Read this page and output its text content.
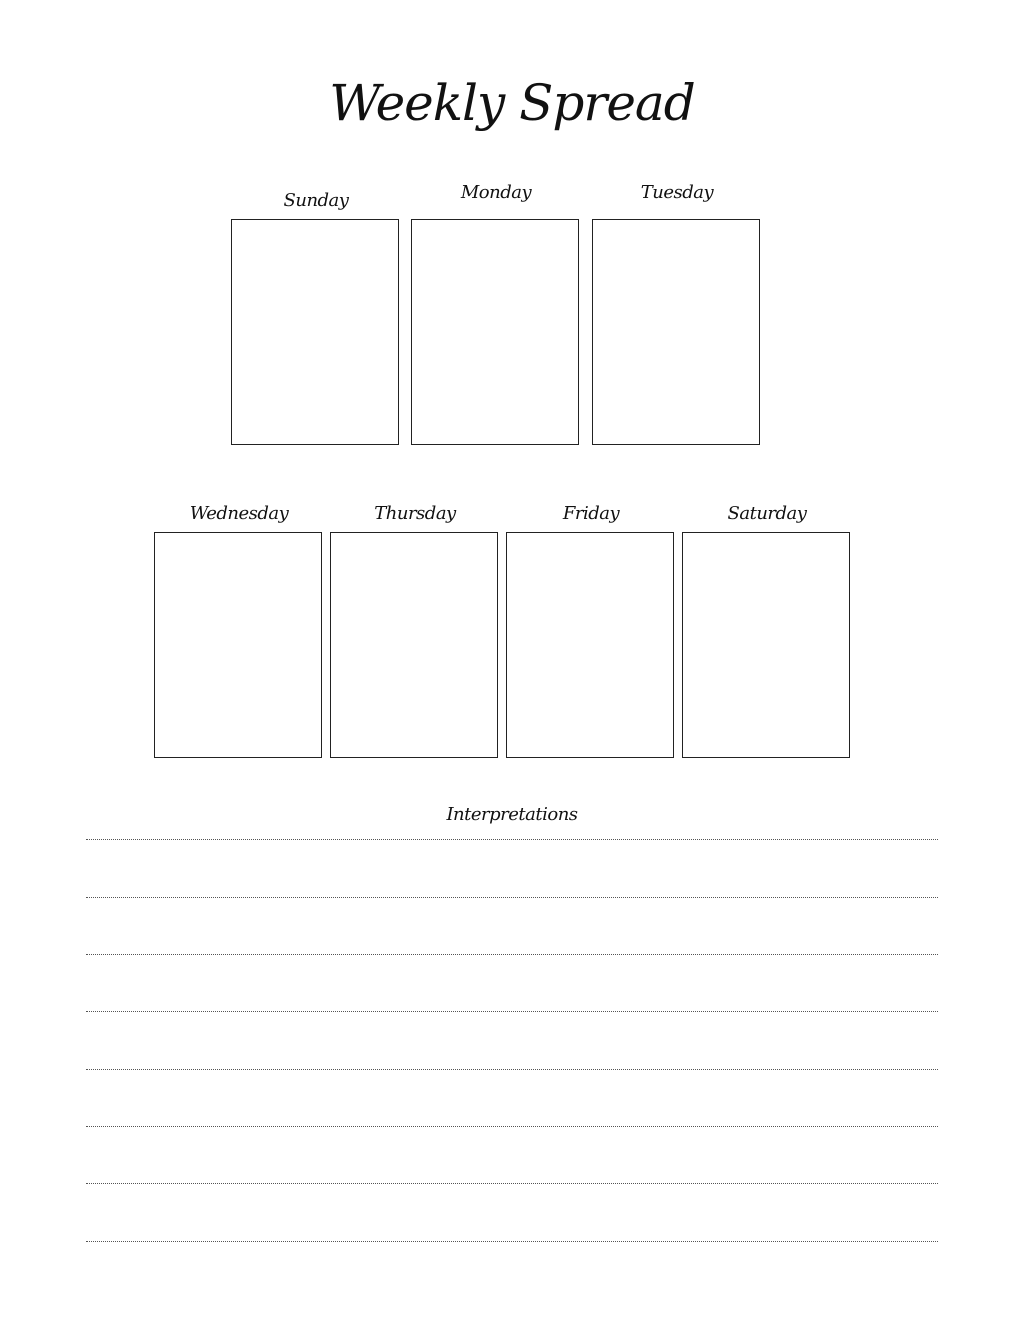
Weekly Spread
Sunday	Monday	Tuesday
Wednesday	Thursday	Friday	Saturday
Interpretations
